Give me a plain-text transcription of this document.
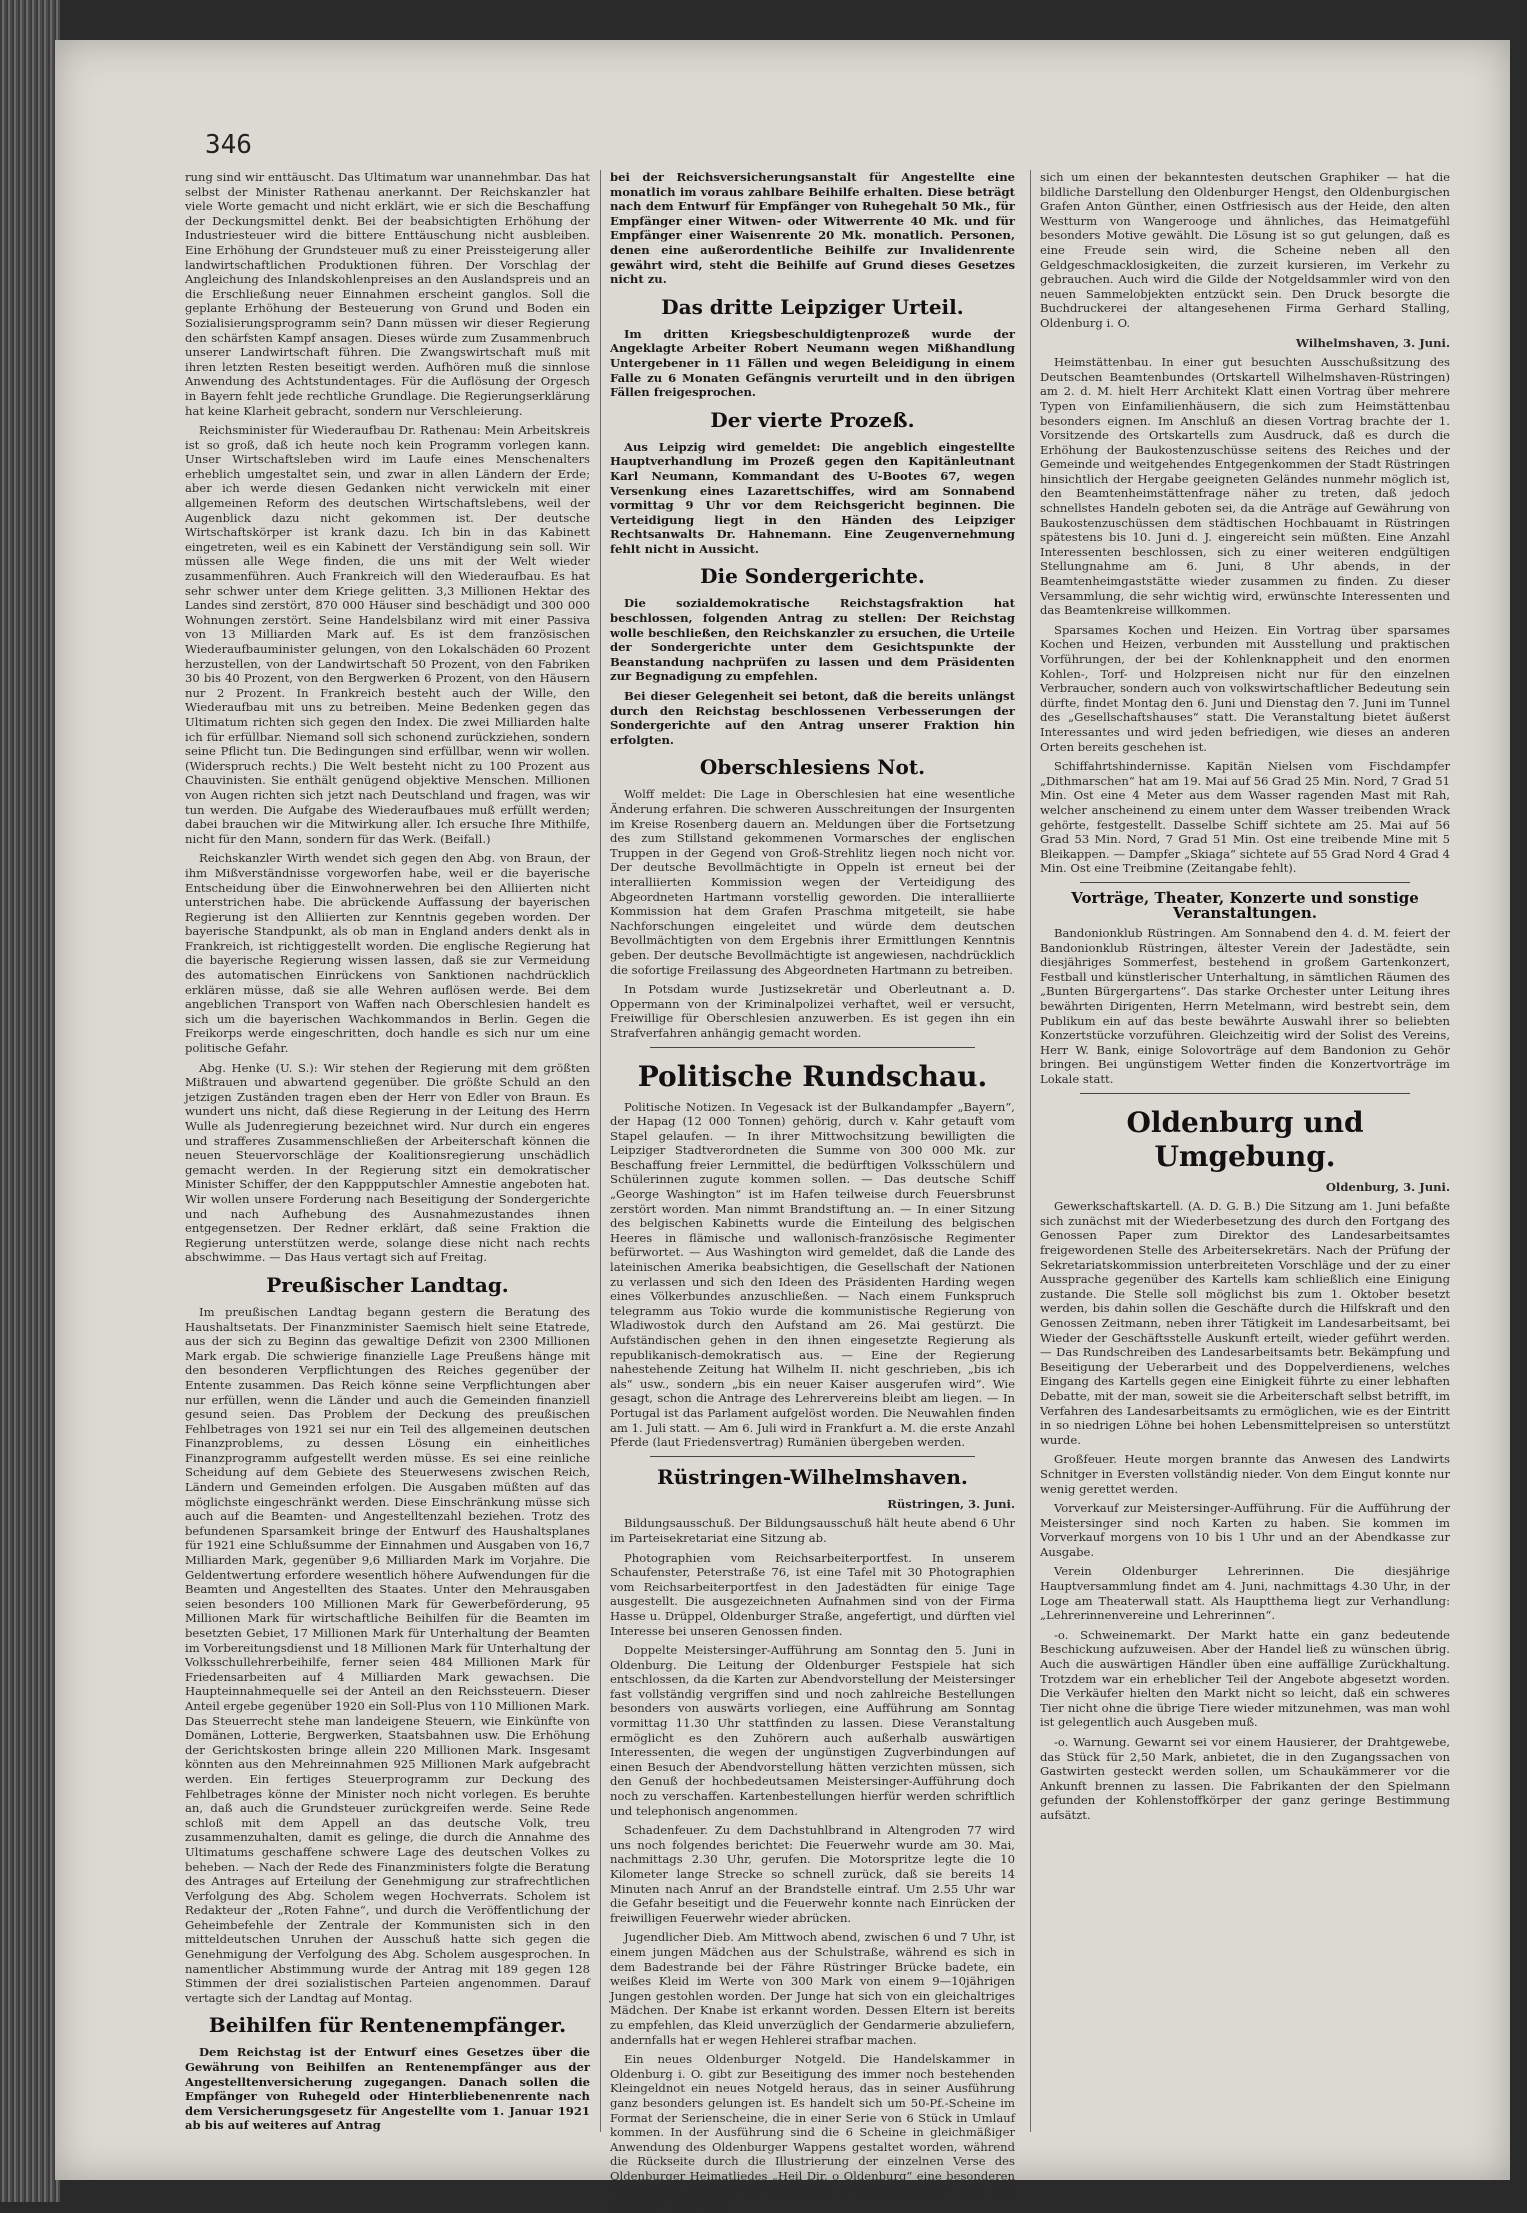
346

rung sind wir enttäuscht. Das Ultimatum war unannehmbar. Das hat selbst der Minister Rathenau anerkannt. Der Reichskanzler hat viele Worte gemacht und nicht erklärt, wie er sich die Beschaffung der Deckungsmittel denkt. Bei der beabsichtigten Erhöhung der Industriesteuer wird die bittere Enttäuschung nicht ausbleiben. Eine Erhöhung der Grundsteuer muß zu einer Preissteigerung aller landwirtschaftlichen Produktionen führen. Der Vorschlag der Angleichung des Inlandskohlenpreises an den Auslandspreis und an die Erschließung neuer Einnahmen erscheint ganglos. Soll die geplante Erhöhung der Besteuerung von Grund und Boden ein Sozialisierungsprogramm sein? Dann müssen wir dieser Regierung den schärfsten Kampf ansagen. Dieses würde zum Zusammenbruch unserer Landwirtschaft führen. Die Zwangswirtschaft muß mit ihren letzten Resten beseitigt werden. Aufhören muß die sinnlose Anwendung des Achtstundentages. Für die Auflösung der Orgesch in Bayern fehlt jede rechtliche Grundlage. Die Regierungserklärung hat keine Klarheit gebracht, sondern nur Verschleierung.

Reichsminister für Wiederaufbau Dr. Rathenau: Mein Arbeitskreis ist so groß, daß ich heute noch kein Programm vorlegen kann. Unser Wirtschaftsleben wird im Laufe eines Menschenalters erheblich umgestaltet sein, und zwar in allen Ländern der Erde; aber ich werde diesen Gedanken nicht verwickeln mit einer allgemeinen Reform des deutschen Wirtschaftslebens, weil der Augenblick dazu nicht gekommen ist. Der deutsche Wirtschaftskörper ist krank dazu. Ich bin in das Kabinett eingetreten, weil es ein Kabinett der Verständigung sein soll. Wir müssen alle Wege finden, die uns mit der Welt wieder zusammenführen. Auch Frankreich will den Wiederaufbau. Es hat sehr schwer unter dem Kriege gelitten. 3,3 Millionen Hektar des Landes sind zerstört, 870 000 Häuser sind beschädigt und 300 000 Wohnungen zerstört. Seine Handelsbilanz wird mit einer Passiva von 13 Milliarden Mark auf. Es ist dem französischen Wiederaufbauminister gelungen, von den Lokalschäden 60 Prozent herzustellen, von der Landwirtschaft 50 Prozent, von den Fabriken 30 bis 40 Prozent, von den Bergwerken 6 Prozent, von den Häusern nur 2 Prozent. In Frankreich besteht auch der Wille, den Wiederaufbau mit uns zu betreiben. Meine Bedenken gegen das Ultimatum richten sich gegen den Index. Die zwei Milliarden halte ich für erfüllbar. Niemand soll sich schonend zurückziehen, sondern seine Pflicht tun. Die Bedingungen sind erfüllbar, wenn wir wollen. (Widerspruch rechts.) Die Welt besteht nicht zu 100 Prozent aus Chauvinisten. Sie enthält genügend objektive Menschen. Millionen von Augen richten sich jetzt nach Deutschland und fragen, was wir tun werden. Die Aufgabe des Wiederaufbaues muß erfüllt werden; dabei brauchen wir die Mitwirkung aller. Ich ersuche Ihre Mithilfe, nicht für den Mann, sondern für das Werk. (Beifall.)

Reichskanzler Wirth wendet sich gegen den Abg. von Braun, der ihm Mißverständnisse vorgeworfen habe, weil er die bayerische Entscheidung über die Einwohnerwehren bei den Alliierten nicht unterstrichen habe. Die abrückende Auffassung der bayerischen Regierung ist den Alliierten zur Kenntnis gegeben worden. Der bayerische Standpunkt, als ob man in England anders denkt als in Frankreich, ist richtiggestellt worden. Die englische Regierung hat die bayerische Regierung wissen lassen, daß sie zur Vermeidung des automatischen Einrückens von Sanktionen nachdrücklich erklären müsse, daß sie alle Wehren auflösen werde. Bei dem angeblichen Transport von Waffen nach Oberschlesien handelt es sich um die bayerischen Wachkommandos in Berlin. Gegen die Freikorps werde eingeschritten, doch handle es sich nur um eine politische Gefahr.

Abg. Henke (U. S.): Wir stehen der Regierung mit dem größten Mißtrauen und abwartend gegenüber. Die größte Schuld an den jetzigen Zuständen tragen eben der Herr von Edler von Braun. Es wundert uns nicht, daß diese Regierung in der Leitung des Herrn Wulle als Judenregierung bezeichnet wird. Nur durch ein engeres und strafferes Zusammenschließen der Arbeiterschaft können die neuen Steuervorschläge der Koalitionsregierung unschädlich gemacht werden. In der Regierung sitzt ein demokratischer Minister Schiffer, der den Kapppputschler Amnestie angeboten hat. Wir wollen unsere Forderung nach Beseitigung der Sondergerichte und nach Aufhebung des Ausnahmezustandes ihnen entgegensetzen. Der Redner erklärt, daß seine Fraktion die Regierung unterstützen werde, solange diese nicht nach rechts abschwimme. — Das Haus vertagt sich auf Freitag.

Preußischer Landtag.

Im preußischen Landtag begann gestern die Beratung des Haushaltsetats. Der Finanzminister Saemisch hielt seine Etatrede, aus der sich zu Beginn das gewaltige Defizit von 2300 Millionen Mark ergab. Die schwierige finanzielle Lage Preußens hänge mit den besonderen Verpflichtungen des Reiches gegenüber der Entente zusammen. Das Reich könne seine Verpflichtungen aber nur erfüllen, wenn die Länder und auch die Gemeinden finanziell gesund seien. Das Problem der Deckung des preußischen Fehlbetrages von 1921 sei nur ein Teil des allgemeinen deutschen Finanzproblems, zu dessen Lösung ein einheitliches Finanzprogramm aufgestellt werden müsse. Es sei eine reinliche Scheidung auf dem Gebiete des Steuerwesens zwischen Reich, Ländern und Gemeinden erfolgen. Die Ausgaben müßten auf das möglichste eingeschränkt werden. Diese Einschränkung müsse sich auch auf die Beamten- und Angestelltenzahl beziehen. Trotz des befundenen Sparsamkeit bringe der Entwurf des Haushaltsplanes für 1921 eine Schlußsumme der Einnahmen und Ausgaben von 16,7 Milliarden Mark, gegenüber 9,6 Milliarden Mark im Vorjahre. Die Geldentwertung erfordere wesentlich höhere Aufwendungen für die Beamten und Angestellten des Staates. Unter den Mehrausgaben seien besonders 100 Millionen Mark für Gewerbeförderung, 95 Millionen Mark für wirtschaftliche Beihilfen für die Beamten im besetzten Gebiet, 17 Millionen Mark für Unterhaltung der Beamten im Vorbereitungsdienst und 18 Millionen Mark für Unterhaltung der Volksschullehrerbeihilfe, ferner seien 484 Millionen Mark für Friedensarbeiten auf 4 Milliarden Mark gewachsen. Die Haupteinnahmequelle sei der Anteil an den Reichssteuern. Dieser Anteil ergebe gegenüber 1920 ein Soll-Plus von 110 Millionen Mark. Das Steuerrecht stehe man landeigene Steuern, wie Einkünfte von Domänen, Lotterie, Bergwerken, Staatsbahnen usw. Die Erhöhung der Gerichtskosten bringe allein 220 Millionen Mark. Insgesamt könnten aus den Mehreinnahmen 925 Millionen Mark aufgebracht werden. Ein fertiges Steuerprogramm zur Deckung des Fehlbetrages könne der Minister noch nicht vorlegen. Es beruhte an, daß auch die Grundsteuer zurückgreifen werde. Seine Rede schloß mit dem Appell an das deutsche Volk, treu zusammenzuhalten, damit es gelinge, die durch die Annahme des Ultimatums geschaffene schwere Lage des deutschen Volkes zu beheben. — Nach der Rede des Finanzministers folgte die Beratung des Antrages auf Erteilung der Genehmigung zur strafrechtlichen Verfolgung des Abg. Scholem wegen Hochverrats. Scholem ist Redakteur der „Roten Fahne“, und durch die Veröffentlichung der Geheimbefehle der Zentrale der Kommunisten sich in den mitteldeutschen Unruhen der Ausschuß hatte sich gegen die Genehmigung der Verfolgung des Abg. Scholem ausgesprochen. In namentlicher Abstimmung wurde der Antrag mit 189 gegen 128 Stimmen der drei sozialistischen Parteien angenommen. Darauf vertagte sich der Landtag auf Montag.

Beihilfen für Rentenempfänger.

Dem Reichstag ist der Entwurf eines Gesetzes über die Gewährung von Beihilfen an Rentenempfänger aus der Angestelltenversicherung zugegangen. Danach sollen die Empfänger von Ruhegeld oder Hinterbliebenenrente nach dem Versicherungsgesetz für Angestellte vom 1. Januar 1921 ab bis auf weiteres auf Antrag

bei der Reichsversicherungsanstalt für Angestellte eine monatlich im voraus zahlbare Beihilfe erhalten. Diese beträgt nach dem Entwurf für Empfänger von Ruhegehalt 50 Mk., für Empfänger einer Witwen- oder Witwerrente 40 Mk. und für Empfänger einer Waisenrente 20 Mk. monatlich. Personen, denen eine außerordentliche Beihilfe zur Invalidenrente gewährt wird, steht die Beihilfe auf Grund dieses Gesetzes nicht zu.

Das dritte Leipziger Urteil.

Im dritten Kriegsbeschuldigtenprozeß wurde der Angeklagte Arbeiter Robert Neumann wegen Mißhandlung Untergebener in 11 Fällen und wegen Beleidigung in einem Falle zu 6 Monaten Gefängnis verurteilt und in den übrigen Fällen freigesprochen.

Der vierte Prozeß.

Aus Leipzig wird gemeldet: Die angeblich eingestellte Hauptverhandlung im Prozeß gegen den Kapitänleutnant Karl Neumann, Kommandant des U-Bootes 67, wegen Versenkung eines Lazarettschiffes, wird am Sonnabend vormittag 9 Uhr vor dem Reichsgericht beginnen. Die Verteidigung liegt in den Händen des Leipziger Rechtsanwalts Dr. Hahnemann. Eine Zeugenvernehmung fehlt nicht in Aussicht.

Die Sondergerichte.

Die sozialdemokratische Reichstagsfraktion hat beschlossen, folgenden Antrag zu stellen: Der Reichstag wolle beschließen, den Reichskanzler zu ersuchen, die Urteile der Sondergerichte unter dem Gesichtspunkte der Beanstandung nachprüfen zu lassen und dem Präsidenten zur Begnadigung zu empfehlen.

Bei dieser Gelegenheit sei betont, daß die bereits unlängst durch den Reichstag beschlossenen Verbesserungen der Sondergerichte auf den Antrag unserer Fraktion hin erfolgten.

Oberschlesiens Not.

Wolff meldet: Die Lage in Oberschlesien hat eine wesentliche Änderung erfahren. Die schweren Ausschreitungen der Insurgenten im Kreise Rosenberg dauern an. Meldungen über die Fortsetzung des zum Stillstand gekommenen Vormarsches der englischen Truppen in der Gegend von Groß-Strehlitz liegen noch nicht vor. Der deutsche Bevollmächtigte in Oppeln ist erneut bei der interalliierten Kommission wegen der Verteidigung des Abgeordneten Hartmann vorstellig geworden. Die interalliierte Kommission hat dem Grafen Praschma mitgeteilt, sie habe Nachforschungen eingeleitet und würde dem deutschen Bevollmächtigten von dem Ergebnis ihrer Ermittlungen Kenntnis geben. Der deutsche Bevollmächtigte ist angewiesen, nachdrücklich die sofortige Freilassung des Abgeordneten Hartmann zu betreiben.

In Potsdam wurde Justizsekretär und Oberleutnant a. D. Oppermann von der Kriminalpolizei verhaftet, weil er versucht, Freiwillige für Oberschlesien anzuwerben. Es ist gegen ihn ein Strafverfahren anhängig gemacht worden.

Politische Rundschau.

Politische Notizen. In Vegesack ist der Bulkandampfer „Bayern“, der Hapag (12 000 Tonnen) gehörig, durch v. Kahr getauft vom Stapel gelaufen. — In ihrer Mittwochsitzung bewilligten die Leipziger Stadtverordneten die Summe von 300 000 Mk. zur Beschaffung freier Lernmittel, die bedürftigen Volksschülern und Schülerinnen zugute kommen sollen. — Das deutsche Schiff „George Washington“ ist im Hafen teilweise durch Feuersbrunst zerstört worden. Man nimmt Brandstiftung an. — In einer Sitzung des belgischen Kabinetts wurde die Einteilung des belgischen Heeres in flämische und wallonisch-französische Regimenter befürwortet. — Aus Washington wird gemeldet, daß die Lande des lateinischen Amerika beabsichtigen, die Gesellschaft der Nationen zu verlassen und sich den Ideen des Präsidenten Harding wegen eines Völkerbundes anzuschließen. — Nach einem Funkspruch telegramm aus Tokio wurde die kommunistische Regierung von Wladiwostok durch den Aufstand am 26. Mai gestürzt. Die Aufständischen gehen in den ihnen eingesetzte Regierung als republikanisch-demokratisch aus. — Eine der Regierung nahestehende Zeitung hat Wilhelm II. nicht geschrieben, „bis ich als“ usw., sondern „bis ein neuer Kaiser ausgerufen wird“. Wie gesagt, schon die Antrage des Lehrervereins bleibt am liegen. — In Portugal ist das Parlament aufgelöst worden. Die Neuwahlen finden am 1. Juli statt. — Am 6. Juli wird in Frankfurt a. M. die erste Anzahl Pferde (laut Friedensvertrag) Rumänien übergeben werden.

Rüstringen-Wilhelmshaven.
Rüstringen, 3. Juni.

Bildungsausschuß. Der Bildungsausschuß hält heute abend 6 Uhr im Parteisekretariat eine Sitzung ab.

Photographien vom Reichsarbeiterportfest. In unserem Schaufenster, Peterstraße 76, ist eine Tafel mit 30 Photographien vom Reichsarbeiterportfest in den Jadestädten für einige Tage ausgestellt. Die ausgezeichneten Aufnahmen sind von der Firma Hasse u. Drüppel, Oldenburger Straße, angefertigt, und dürften viel Interesse bei unseren Genossen finden.

Doppelte Meistersinger-Aufführung am Sonntag den 5. Juni in Oldenburg. Die Leitung der Oldenburger Festspiele hat sich entschlossen, da die Karten zur Abendvorstellung der Meistersinger fast vollständig vergriffen sind und noch zahlreiche Bestellungen besonders von auswärts vorliegen, eine Aufführung am Sonntag vormittag 11.30 Uhr stattfinden zu lassen. Diese Veranstaltung ermöglicht es den Zuhörern auch außerhalb auswärtigen Interessenten, die wegen der ungünstigen Zugverbindungen auf einen Besuch der Abendvorstellung hätten verzichten müssen, sich den Genuß der hochbedeutsamen Meistersinger-Aufführung doch noch zu verschaffen. Kartenbestellungen hierfür werden schriftlich und telephonisch angenommen.

Schadenfeuer. Zu dem Dachstuhlbrand in Altengroden 77 wird uns noch folgendes berichtet: Die Feuerwehr wurde am 30. Mai, nachmittags 2.30 Uhr, gerufen. Die Motorspritze legte die 10 Kilometer lange Strecke so schnell zurück, daß sie bereits 14 Minuten nach Anruf an der Brandstelle eintraf. Um 2.55 Uhr war die Gefahr beseitigt und die Feuerwehr konnte nach Einrücken der freiwilligen Feuerwehr wieder abrücken.

Jugendlicher Dieb. Am Mittwoch abend, zwischen 6 und 7 Uhr, ist einem jungen Mädchen aus der Schulstraße, während es sich in dem Badestrande bei der Fähre Rüstringer Brücke badete, ein weißes Kleid im Werte von 300 Mark von einem 9—10jährigen Jungen gestohlen worden. Der Junge hat sich von ein gleichaltriges Mädchen. Der Knabe ist erkannt worden. Dessen Eltern ist bereits zu empfehlen, das Kleid unverzüglich der Gendarmerie abzuliefern, andernfalls hat er wegen Hehlerei strafbar machen.

Ein neues Oldenburger Notgeld. Die Handelskammer in Oldenburg i. O. gibt zur Beseitigung des immer noch bestehenden Kleingeldnot ein neues Notgeld heraus, das in seiner Ausführung ganz besonders gelungen ist. Es handelt sich um 50-Pf.-Scheine im Format der Serienscheine, die in einer Serie von 6 Stück in Umlauf kommen. In der Ausführung sind die 6 Scheine in gleichmäßiger Anwendung des Oldenburger Wappens gestaltet worden, während die Rückseite durch die Illustrierung der einzelnen Verse des Oldenburger Heimatliedes „Heil Dir, o Oldenburg“ eine besonderen Eigenarten Oldenburger Notgeldes Wirkung erhalten hat. Der Künstler — ist wohl

sich um einen der bekanntesten deutschen Graphiker — hat die bildliche Darstellung den Oldenburger Hengst, den Oldenburgischen Grafen Anton Günther, einen Ostfriesisch aus der Heide, den alten Westturm von Wangerooge und ähnliches, das Heimatgefühl besonders Motive gewählt. Die Lösung ist so gut gelungen, daß es eine Freude sein wird, die Scheine neben all den Geldgeschmacklosigkeiten, die zurzeit kursieren, im Verkehr zu gebrauchen. Auch wird die Gilde der Notgeldsammler wird von den neuen Sammelobjekten entzückt sein. Den Druck besorgte die Buchdruckerei der altangesehenen Firma Gerhard Stalling, Oldenburg i. O.

Wilhelmshaven, 3. Juni.

Heimstättenbau. In einer gut besuchten Ausschußsitzung des Deutschen Beamtenbundes (Ortskartell Wilhelmshaven-Rüstringen) am 2. d. M. hielt Herr Architekt Klatt einen Vortrag über mehrere Typen von Einfamilienhäusern, die sich zum Heimstättenbau besonders eignen. Im Anschluß an diesen Vortrag brachte der 1. Vorsitzende des Ortskartells zum Ausdruck, daß es durch die Erhöhung der Baukostenzuschüsse seitens des Reiches und der Gemeinde und weitgehendes Entgegenkommen der Stadt Rüstringen hinsichtlich der Hergabe geeigneten Geländes nunmehr möglich ist, den Beamtenheimstättenfrage näher zu treten, daß jedoch schnellstes Handeln geboten sei, da die Anträge auf Gewährung von Baukostenzuschüssen dem städtischen Hochbauamt in Rüstringen spätestens bis 10. Juni d. J. eingereicht sein müßten. Eine Anzahl Interessenten beschlossen, sich zu einer weiteren endgültigen Stellungnahme am 6. Juni, 8 Uhr abends, in der Beamtenheimgaststätte wieder zusammen zu finden. Zu dieser Versammlung, die sehr wichtig wird, erwünschte Interessenten und das Beamtenkreise willkommen.

Sparsames Kochen und Heizen. Ein Vortrag über sparsames Kochen und Heizen, verbunden mit Ausstellung und praktischen Vorführungen, der bei der Kohlenknappheit und den enormen Kohlen-, Torf- und Holzpreisen nicht nur für den einzelnen Verbraucher, sondern auch von volkswirtschaftlicher Bedeutung sein dürfte, findet Montag den 6. Juni und Dienstag den 7. Juni im Tunnel des „Gesellschaftshauses“ statt. Die Veranstaltung bietet äußerst Interessantes und wird jeden befriedigen, wie dieses an anderen Orten bereits geschehen ist.

Schiffahrtshindernisse. Kapitän Nielsen vom Fischdampfer „Dithmarschen“ hat am 19. Mai auf 56 Grad 25 Min. Nord, 7 Grad 51 Min. Ost eine 4 Meter aus dem Wasser ragenden Mast mit Rah, welcher anscheinend zu einem unter dem Wasser treibenden Wrack gehörte, festgestellt. Dasselbe Schiff sichtete am 25. Mai auf 56 Grad 53 Min. Nord, 7 Grad 51 Min. Ost eine treibende Mine mit 5 Bleikappen. — Dampfer „Skiaga“ sichtete auf 55 Grad Nord 4 Grad 4 Min. Ost eine Treibmine (Zeitangabe fehlt).

Vorträge, Theater, Konzerte und sonstige Veranstaltungen.

Bandonionklub Rüstringen. Am Sonnabend den 4. d. M. feiert der Bandonionklub Rüstringen, ältester Verein der Jadestädte, sein diesjähriges Sommerfest, bestehend in großem Gartenkonzert, Festball und künstlerischer Unterhaltung, in sämtlichen Räumen des „Bunten Bürgergartens“. Das starke Orchester unter Leitung ihres bewährten Dirigenten, Herrn Metelmann, wird bestrebt sein, dem Publikum ein auf das beste bewährte Auswahl ihrer so beliebten Konzertstücke vorzuführen. Gleichzeitig wird der Solist des Vereins, Herr W. Bank, einige Solovorträge auf dem Bandonion zu Gehör bringen. Bei ungünstigem Wetter finden die Konzertvorträge im Lokale statt.

Oldenburg und Umgebung.
Oldenburg, 3. Juni.

Gewerkschaftskartell. (A. D. G. B.) Die Sitzung am 1. Juni befaßte sich zunächst mit der Wiederbesetzung des durch den Fortgang des Genossen Paper zum Direktor des Landesarbeitsamtes freigewordenen Stelle des Arbeitersekretärs. Nach der Prüfung der Sekretariatskommission unterbreiteten Vorschläge und der zu einer Aussprache gegenüber des Kartells kam schließlich eine Einigung zustande. Die Stelle soll möglichst bis zum 1. Oktober besetzt werden, bis dahin sollen die Geschäfte durch die Hilfskraft und den Genossen Zeitmann, neben ihrer Tätigkeit im Landesarbeitsamt, bei Wieder der Geschäftsstelle Auskunft erteilt, wieder geführt werden. — Das Rundschreiben des Landesarbeitsamts betr. Bekämpfung und Beseitigung der Ueberarbeit und des Doppelverdienens, welches Eingang des Kartells gegen eine Einigkeit führte zu einer lebhaften Debatte, mit der man, soweit sie die Arbeiterschaft selbst betrifft, im Verfahren des Landesarbeitsamts zu ermöglichen, wie es der Eintritt in so niedrigen Löhne bei hohen Lebensmittelpreisen so unterstützt wurde.

Großfeuer. Heute morgen brannte das Anwesen des Landwirts Schnitger in Eversten vollständig nieder. Von dem Eingut konnte nur wenig gerettet werden.

Vorverkauf zur Meistersinger-Aufführung. Für die Aufführung der Meistersinger sind noch Karten zu haben. Sie kommen im Vorverkauf morgens von 10 bis 1 Uhr und an der Abendkasse zur Ausgabe.

Verein Oldenburger Lehrerinnen. Die diesjährige Hauptversammlung findet am 4. Juni, nachmittags 4.30 Uhr, in der Loge am Theaterwall statt. Als Hauptthema liegt zur Verhandlung: „Lehrerinnenvereine und Lehrerinnen“.

-o. Schweinemarkt. Der Markt hatte ein ganz bedeutende Beschickung aufzuweisen. Aber der Handel ließ zu wünschen übrig. Auch die auswärtigen Händler üben eine auffällige Zurückhaltung. Trotzdem war ein erheblicher Teil der Angebote abgesetzt worden. Die Verkäufer hielten den Markt nicht so leicht, daß ein schweres Tier nicht ohne die übrige Tiere wieder mitzunehmen, was man wohl ist gelegentlich auch Ausgeben muß.

-o. Warnung. Gewarnt sei vor einem Hausierer, der Drahtgewebe, das Stück für 2,50 Mark, anbietet, die in den Zugangssachen von Gastwirten gesteckt werden sollen, um Schaukämmerer vor die Ankunft brennen zu lassen. Die Fabrikanten der den Spielmann gefunden der Kohlenstoffkörper der ganz geringe Bestimmung aufsätzt.
